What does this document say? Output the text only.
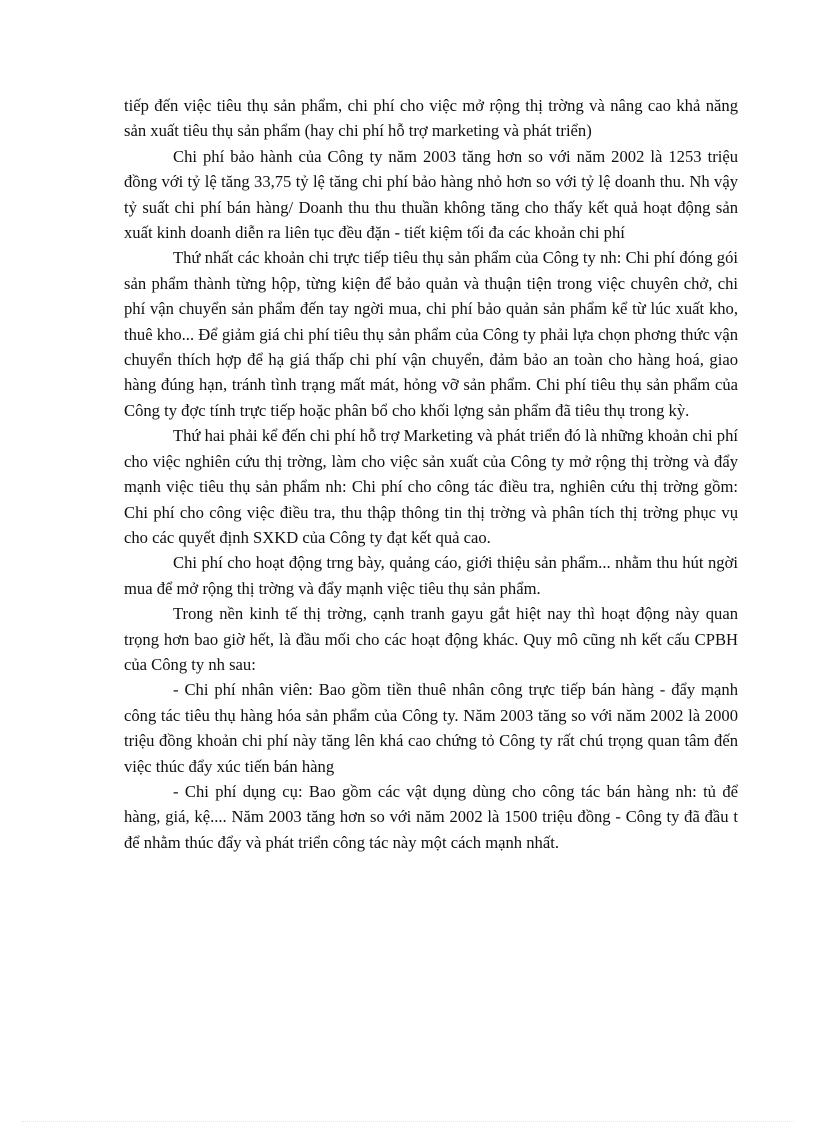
tiếp đến việc tiêu thụ sản phẩm, chi phí cho việc mở rộng thị trờng và nâng cao khả năng sản xuất tiêu thụ sản phẩm (hay chi phí hỗ trợ marketing và phát triển)

Chi phí bảo hành của Công ty năm 2003 tăng hơn so với năm 2002 là 1253 triệu đồng với tỷ lệ tăng 33,75 tỷ lệ tăng chi phí bảo hàng nhỏ hơn so với tỷ lệ doanh thu. Nh vậy tỷ suất chi phí bán hàng/ Doanh thu thu thuần không tăng cho thấy kết quả hoạt động sản xuất kinh doanh diễn ra liên tục đều đặn - tiết kiệm tối đa các khoản chi phí

Thứ nhất các khoản chi trực tiếp tiêu thụ sản phẩm của Công ty nh: Chi phí đóng gói sản phẩm thành từng hộp, từng kiện để bảo quản và thuận tiện trong việc chuyên chở, chi phí vận chuyển sản phẩm đến tay ngời mua, chi phí bảo quản sản phẩm kể từ lúc xuất kho, thuê kho... Để giảm giá chi phí tiêu thụ sản phẩm của Công ty phải lựa chọn phơng thức vận chuyển thích hợp để hạ giá thấp chi phí vận chuyển, đảm bảo an toàn cho hàng hoá, giao hàng đúng hạn, tránh tình trạng mất mát, hỏng vỡ sản phẩm. Chi phí tiêu thụ sản phẩm của Công ty đợc tính trực tiếp hoặc phân bổ cho khối lợng sản phẩm đã tiêu thụ trong kỳ.

Thứ hai phải kể đến chi phí hỗ trợ Marketing và phát triển đó là những khoản chi phí cho việc nghiên cứu thị trờng, làm cho việc sản xuất của Công ty mở rộng thị trờng và đẩy mạnh việc tiêu thụ sản phẩm nh: Chi phí cho công tác điều tra, nghiên cứu thị trờng gồm: Chi phí cho công việc điều tra, thu thập thông tin thị trờng và phân tích thị trờng phục vụ cho các quyết định SXKD của Công ty đạt kết quả cao.

Chi phí cho hoạt động trng bày, quảng cáo, giới thiệu sản phẩm... nhằm thu hút ngời mua để mở rộng thị trờng và đẩy mạnh việc tiêu thụ sản phẩm.

Trong nền kinh tế thị trờng, cạnh tranh gayu gắt hiệt nay thì hoạt động này quan trọng hơn bao giờ hết, là đầu mối cho các hoạt động khác. Quy mô cũng nh kết cấu CPBH của Công ty nh sau:

- Chi phí nhân viên: Bao gồm tiền thuê nhân công trực tiếp bán hàng - đẩy mạnh công tác tiêu thụ hàng hóa sản phẩm của Công ty. Năm 2003 tăng so với năm 2002 là 2000 triệu đồng khoản chi phí này tăng lên khá cao chứng tỏ Công ty rất chú trọng quan tâm đến việc thúc đẩy xúc tiến bán hàng

- Chi phí dụng cụ: Bao gồm các vật dụng dùng cho công tác bán hàng nh: tủ để hàng, giá, kệ.... Năm 2003 tăng hơn so với năm 2002 là 1500 triệu đồng - Công ty đã đầu t để nhằm thúc đẩy và phát triển công tác này một cách mạnh nhất.
